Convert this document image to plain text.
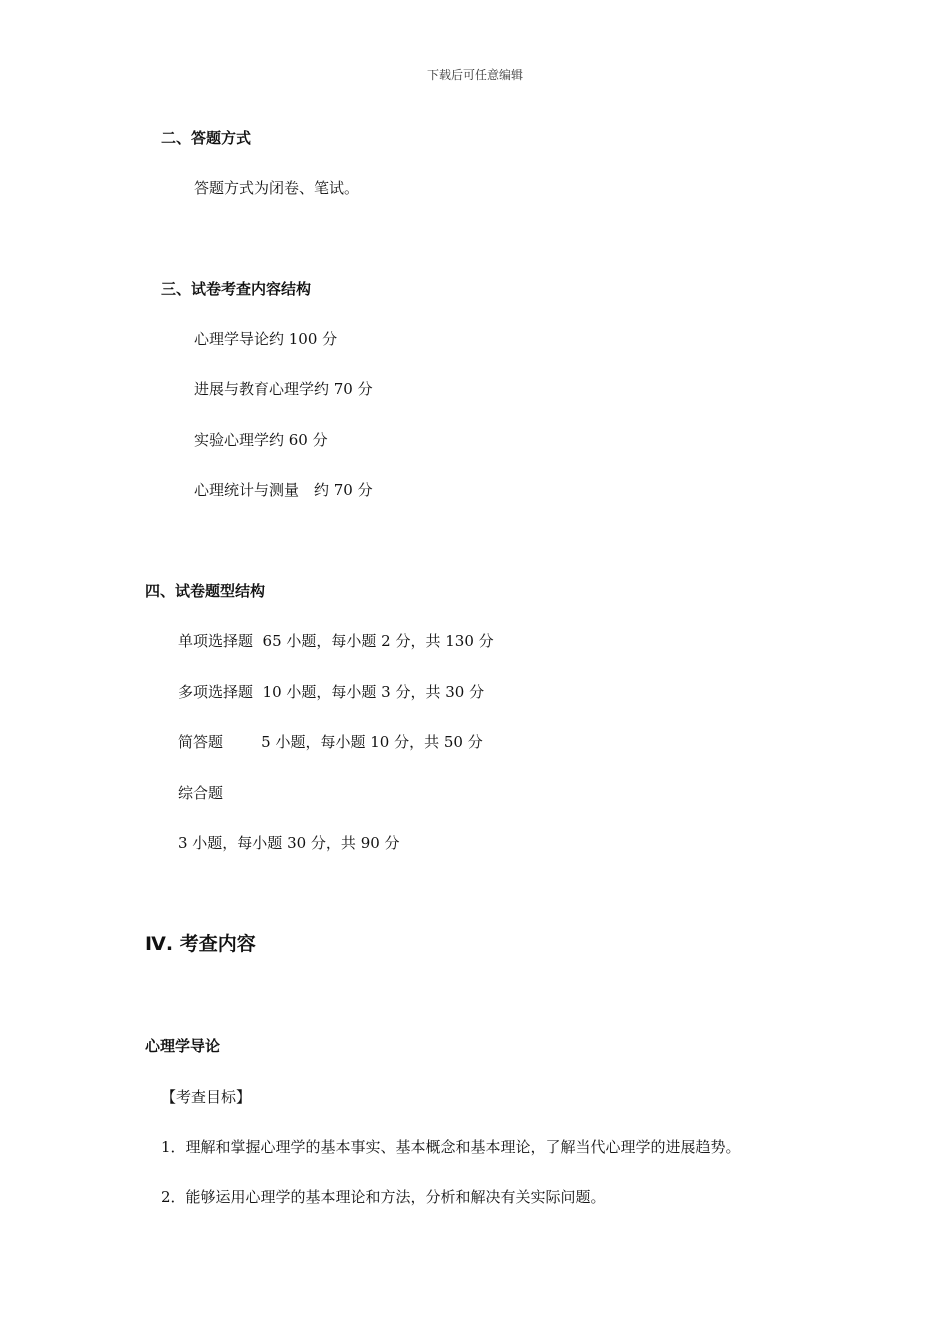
下载后可任意编辑
二、答题方式
答题方式为闭卷、笔试。
三、试卷考查内容结构
心理学导论约 100 分
进展与教育心理学约 70 分
实验心理学约 60 分
心理统计与测量　约 70 分
四、试卷题型结构
单项选择题  65 小题，每小题 2 分，共 130 分
多项选择题  10 小题，每小题 3 分，共 30 分
简答题        5 小题，每小题 10 分，共 50 分
综合题
3 小题，每小题 30 分，共 90 分
Ⅳ. 考查内容
心理学导论
【考查目标】
1．理解和掌握心理学的基本事实、基本概念和基本理论，了解当代心理学的进展趋势。
2．能够运用心理学的基本理论和方法，分析和解决有关实际问题。
